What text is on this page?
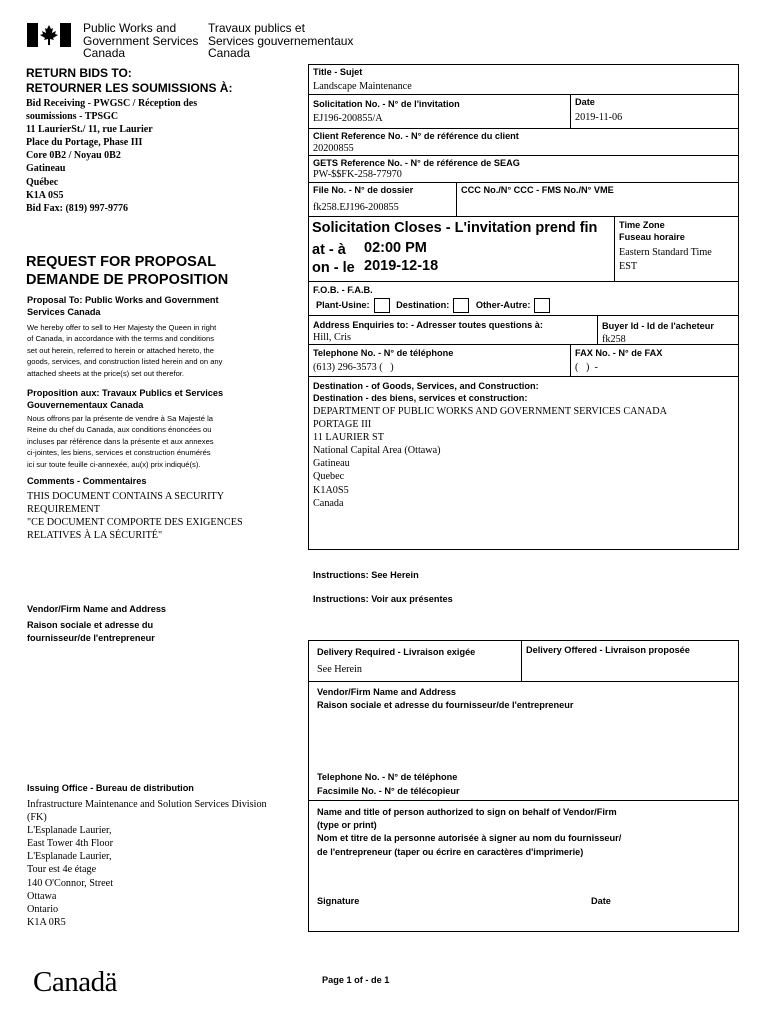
Public Works and
Government Services
Canada
Travaux publics et
Services gouvernementaux
Canada
RETURN BIDS TO:
RETOURNER LES SOUMISSIONS À:
Bid Receiving - PWGSC / Réception des
soumissions - TPSGC
11 LaurierSt./ 11, rue Laurier
Place du Portage, Phase III
Core 0B2 / Noyau 0B2
Gatineau
Québec
K1A 0S5
Bid Fax: (819) 997-9776
REQUEST FOR PROPOSAL
DEMANDE DE PROPOSITION
Proposal To: Public Works and Government
Services Canada
We hereby offer to sell to Her Majesty the Queen in right
of Canada, in accordance with the terms and conditions
set out herein, referred to herein or attached hereto, the
goods, services, and construction listed herein and on any
attached sheets at the price(s) set out therefor.
Proposition aux: Travaux Publics et Services
Gouvernementaux Canada
Nous offrons par la présente de vendre à Sa Majesté la
Reine du chef du Canada, aux conditions énoncées ou
incluses par référence dans la présente et aux annexes
ci-jointes, les biens, services et construction énumérés
ici sur toute feuille ci-annexée, au(x) prix indiqué(s).
Comments - Commentaires
THIS DOCUMENT CONTAINS A SECURITY
REQUIREMENT
"CE DOCUMENT COMPORTE DES EXIGENCES
RELATIVES À LA SÉCURITÉ"
Vendor/Firm Name and Address
Raison sociale et adresse du
fournisseur/de l'entrepreneur
Issuing Office - Bureau de distribution
Infrastructure Maintenance and Solution Services Division
(FK)
L'Esplanade Laurier,
East Tower 4th Floor
L'Esplanade Laurier,
Tour est 4e étage
140 O'Connor, Street
Ottawa
Ontario
K1A 0R5
Canadä	Page 1 of - de 1
Title - Sujet
Landscape Maintenance
Solicitation No. - N° de l'invitation
EJ196-200855/A
Date
2019-11-06
Client Reference No. - N° de référence du client
20200855
GETS Reference No. - N° de référence de SEAG
PW-$$FK-258-77970
File No. - N° de dossier
fk258.EJ196-200855
CCC No./N° CCC - FMS No./N° VME
Solicitation Closes - L'invitation prend fin
at - à 02:00 PM
on - le 2019-12-18
Time Zone
Fuseau horaire
Eastern Standard Time
EST
F.O.B. - F.A.B.
Plant-Usine:	Destination:	Other-Autre:
Address Enquiries to: - Adresser toutes questions à:
Hill, Cris
Buyer Id - Id de l'acheteur
fk258
Telephone No. - N° de téléphone
(613) 296-3573 (   )
FAX No. - N° de FAX
(   )  -
Destination - of Goods, Services, and Construction:
Destination - des biens, services et construction:
DEPARTMENT OF PUBLIC WORKS AND GOVERNMENT SERVICES CANADA
PORTAGE III
11 LAURIER ST
National Capital Area (Ottawa)
Gatineau
Quebec
K1A0S5
Canada
Instructions: See Herein
Instructions: Voir aux présentes
Delivery Required - Livraison exigée
See Herein
Delivery Offered - Livraison proposée
Vendor/Firm Name and Address
Raison sociale et adresse du fournisseur/de l'entrepreneur
Telephone No. - N° de téléphone
Facsimile No. - N° de télécopieur
Name and title of person authorized to sign on behalf of Vendor/Firm
(type or print)
Nom et titre de la personne autorisée à signer au nom du fournisseur/
de l'entrepreneur (taper ou écrire en caractères d'imprimerie)
Signature	Date
